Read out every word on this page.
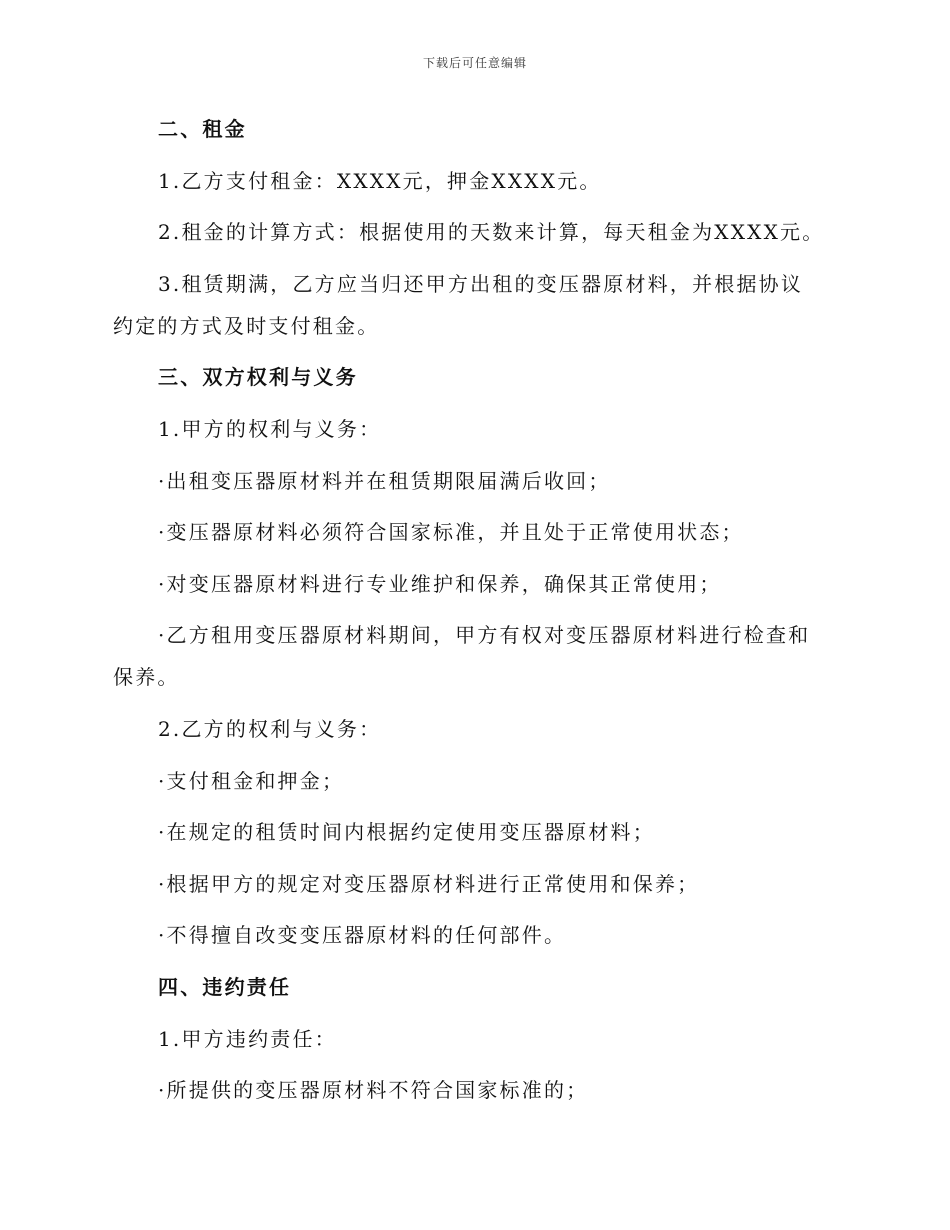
下载后可任意编辑

二、租金

1.乙方支付租金：XXXX元，押金XXXX元。

2.租金的计算方式：根据使用的天数来计算，每天租金为XXXX元。

3.租赁期满，乙方应当归还甲方出租的变压器原材料，并根据协议约定的方式及时支付租金。

三、双方权利与义务

1.甲方的权利与义务：

·出租变压器原材料并在租赁期限届满后收回；

·变压器原材料必须符合国家标准，并且处于正常使用状态；

·对变压器原材料进行专业维护和保养，确保其正常使用；

·乙方租用变压器原材料期间，甲方有权对变压器原材料进行检查和保养。

2.乙方的权利与义务：

·支付租金和押金；

·在规定的租赁时间内根据约定使用变压器原材料；

·根据甲方的规定对变压器原材料进行正常使用和保养；

·不得擅自改变变压器原材料的任何部件。

四、违约责任

1.甲方违约责任：

·所提供的变压器原材料不符合国家标准的；
